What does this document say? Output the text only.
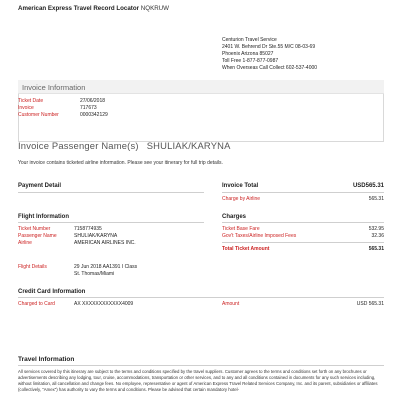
American Express Travel Record Locator NQKRUW
Centurion Travel Service
2401 W. Behrend Dr Ste.55 M/C 08-03-69
Phoenix Arizona 85027
Toll Free 1-877-877-0987
When Overseas Call Collect 602-537-4000
Invoice Information
Ticket Date	27/06/2018
Invoice	717673
Customer Number	0000342129
Invoice Passenger Name(s) SHULIAK/KARYNA
Your invoice contains ticketed airline information. Please see your itinerary for full trip details.
Payment Detail	Invoice Total	USD565.31
Charge by Airline	565.31
Flight Information
Ticket Number	7158774935
Passenger Name	SHULIAK/KARYNA
Airline	AMERICAN AIRLINES INC.
Flight Details	29 Jun 2018 AA1391 I Class
St. Thomas/Miami
Charges
Ticket Base Fare	532.95
Gov't Taxes/Airline Imposed Fees	32.36
Total Ticket Amount	565.31
Credit Card Information
Charged to Card	AX XXXXXXXXXXXX4009	Amount	USD 565.31
Travel Information
All services covered by this itinerary are subject to the terms and conditions specified by the travel suppliers. Customer agrees to the terms and conditions set forth on any brochures or advertisements describing any lodging, tour, cruise, accommodations, transportation or other services, and to any and all conditions contained in documents for any such services including, without limitation, all cancellation and change fees. No employee, representative or agent of American Express Travel Related Services Company, Inc. and its parent, subsidiaries or affiliates (collectively, "Amex") has authority to vary the terms and conditions. Please be advised that certain mandatory hotel-
